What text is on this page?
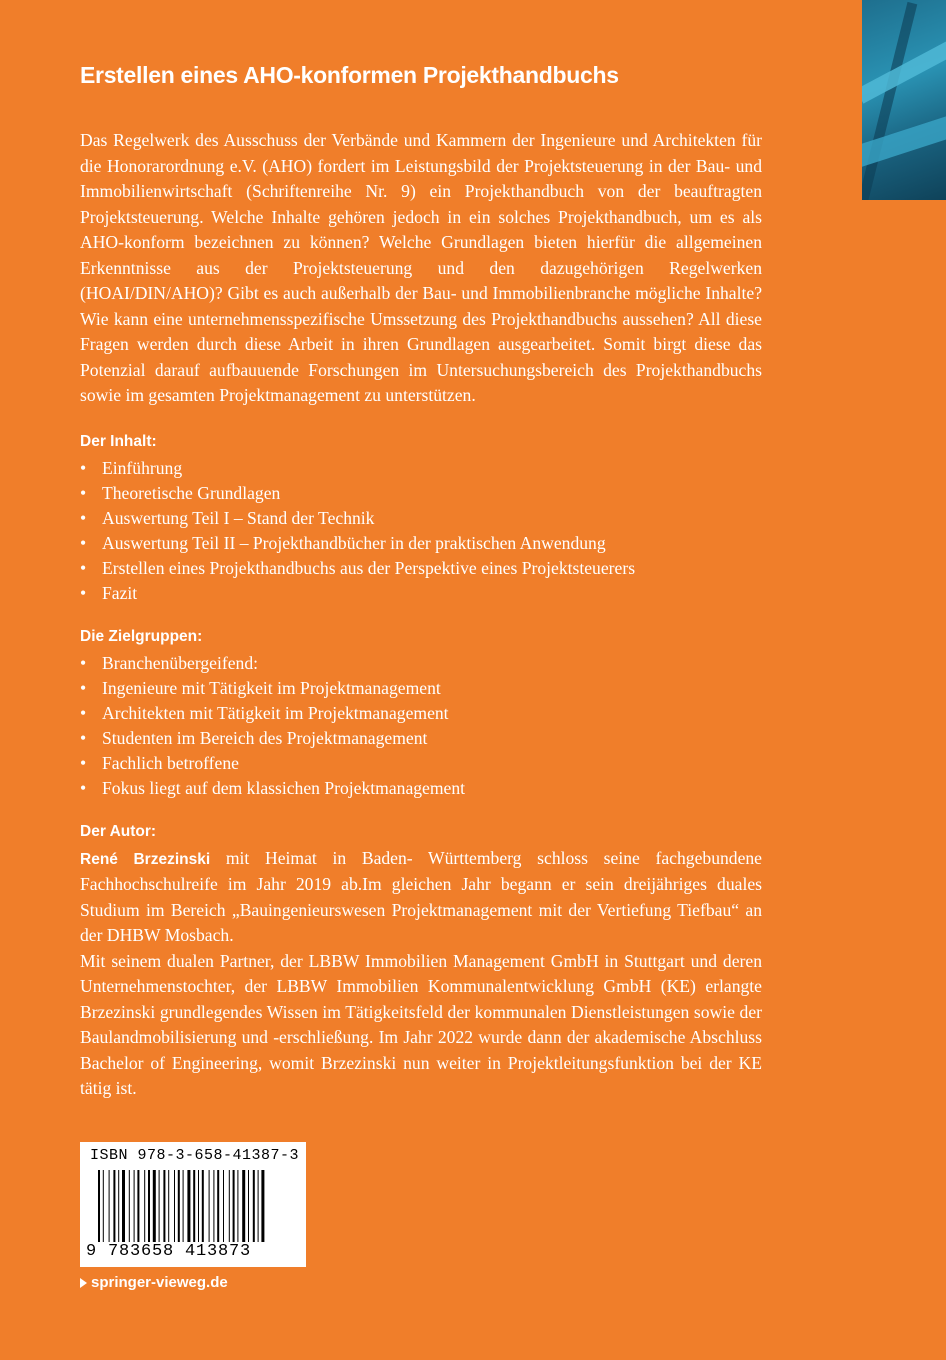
Erstellen eines AHO-konformen Projekthandbuchs

Das Regelwerk des Ausschuss der Verbände und Kammern der Ingenieure und Architekten für die Honorarordnung e.V. (AHO) fordert im Leistungsbild der Projektsteuerung in der Bau- und Immobilienwirtschaft (Schriftenreihe Nr. 9) ein Projekthandbuch von der beauftragten Projektsteuerung. Welche Inhalte gehören jedoch in ein solches Projekthandbuch, um es als AHO-konform bezeichnen zu können? Welche Grundlagen bieten hierfür die allgemeinen Erkenntnisse aus der Projektsteuerung und den dazugehörigen Regelwerken (HOAI/DIN/AHO)? Gibt es auch außerhalb der Bau- und Immobilienbranche mögliche Inhalte? Wie kann eine unternehmensspezifische Umssetzung des Projekthandbuchs aussehen? All diese Fragen werden durch diese Arbeit in ihren Grundlagen ausgearbeitet. Somit birgt diese das Potenzial darauf aufbauuende Forschungen im Untersuchungsbereich des Projekthandbuchs sowie im gesamten Projektmanagement zu unterstützen.

Der Inhalt:
• Einführung
• Theoretische Grundlagen
• Auswertung Teil I – Stand der Technik
• Auswertung Teil II – Projekthandbücher in der praktischen Anwendung
• Erstellen eines Projekthandbuchs aus der Perspektive eines Projektsteuerers
• Fazit
Die Zielgruppen:
• Branchenübergeifend:
• Ingenieure mit Tätigkeit im Projektmanagement
• Architekten mit Tätigkeit im Projektmanagement
• Studenten im Bereich des Projektmanagement
• Fachlich betroffene
• Fokus liegt auf dem klassichen Projektmanagement
Der Autor:

René Brzezinski mit Heimat in Baden- Württemberg schloss seine fachgebundene Fachhochschulreife im Jahr 2019 ab.Im gleichen Jahr begann er sein dreijähriges duales Studium im Bereich „Bauingenieurswesen Projektmanagement mit der Vertiefung Tiefbau“ an der DHBW Mosbach.

Mit seinem dualen Partner, der LBBW Immobilien Management GmbH in Stuttgart und deren Unternehmenstochter, der LBBW Immobilien Kommunalentwicklung GmbH (KE) erlangte Brzezinski grundlegendes Wissen im Tätigkeitsfeld der kommunalen Dienstleistungen sowie der Baulandmobilisierung und -erschließung. Im Jahr 2022 wurde dann der akademische Abschluss Bachelor of Engineering, womit Brzezinski nun weiter in Projektleitungsfunktion bei der KE tätig ist.

ISBN 978-3-658-41387-3
9 783658 413873
springer-vieweg.de
